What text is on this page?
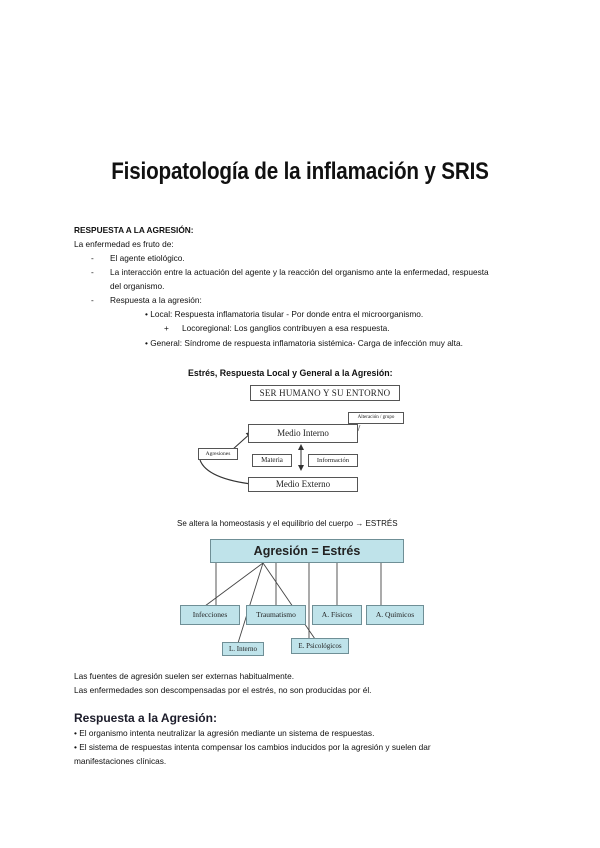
Fisiopatología de la inflamación y SRIS
RESPUESTA A LA AGRESIÓN:
La enfermedad es fruto de:
- El agente etiológico.
- La interacción entre la actuación del agente y la reacción del organismo ante la enfermedad, respuesta
del organismo.
- Respuesta a la agresión:
• Local: Respuesta inflamatoria tisular - Por donde entra el microorganismo.
+ Locoregional: Los ganglios contribuyen a esa respuesta.
• General: Síndrome de respuesta inflamatoria sistémica- Carga de infección muy alta.
Estrés, Respuesta Local y General a la Agresión:
SER HUMANO Y SU ENTORNO
Alteración / grupo
Agresiones
Medio Interno
Materia	Información
Medio Externo
Se altera la homeostasis y el equilibrio del cuerpo → ESTRÉS
Agresión = Estrés
Infecciones	Traumatismo	A. Físicos	A. Químicos
L. Interno	E. Psicológicos
Las fuentes de agresión suelen ser externas habitualmente.
Las enfermedades son descompensadas por el estrés, no son producidas por él.
Respuesta a la Agresión:
• El organismo intenta neutralizar la agresión mediante un sistema de respuestas.
• El sistema de respuestas intenta compensar los cambios inducidos por la agresión y suelen dar
manifestaciones clínicas.
